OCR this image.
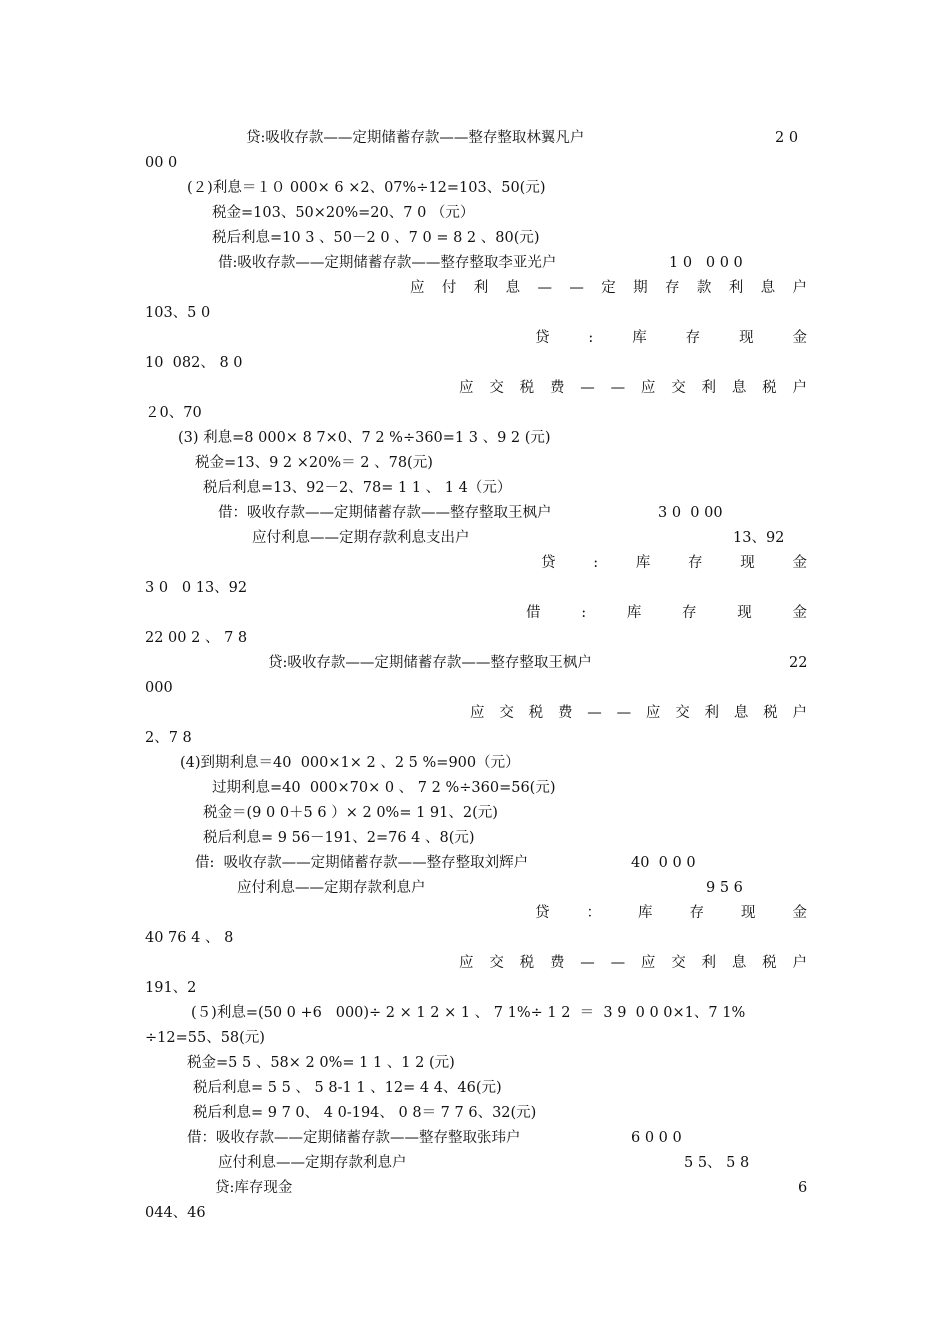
贷:吸收存款——定期储蓄存款——整存整取林翼凡户	2 0
00 0
(２)利息＝１０ 000× 6 ×2、07%÷12=103、50(元)
税金=103、50×20%=20、7 0 （元）
税后利息=10 3 、50－2 0 、7 0 = 8 2 、80(元)
借:吸收存款——定期储蓄存款——整存整取李亚光户	1 0   0 0 0
应 付 利 息 — — 定 期 存 款 利 息 户
103、5 0
贷	:	库	存	现	金
10  082、 8 0
应 交 税 费 — — 应 交 利 息 税 户
２0、70
(3) 利息=8 000× 8 7×0、7 2 %÷360=1 3 、9 2 (元)
税金=13、9 2 ×20%＝ 2 、78(元)
税后利息=13、92－2、78= 1 1 、 1 4（元）
借：吸收存款——定期储蓄存款——整存整取王枫户	3 0  0 00
应付利息——定期存款利息支出户	13、92
贷	:	库	存	现	金
3 0   0 13、92
借	:	库	存	现	金
22 00 2 、 7 8
贷:吸收存款——定期储蓄存款——整存整取王枫户	22
000
应 交 税 费 — — 应 交 利 息 税 户
2、7 8
(4)到期利息＝40  000×1× 2 、2 5 %=900（元）
过期利息=40  000×70× 0 、 7 2 %÷360=56(元)
税金＝(9 0 0＋5 6 ）× 2 0%= 1 91、2(元)
税后利息= 9 56－191、2=76 4 、8(元)
借:  吸收存款——定期储蓄存款——整存整取刘辉户	40  0 0 0
应付利息——定期存款利息户	9 5 6
贷	：	库	存	现	金
40 76 4 、 8
应 交 税 费 — — 应 交 利 息 税 户
191、2
(５)利息=(50 0 +6   000)÷ 2 × 1 2 × 1 、 7 1%÷ 1 2  ＝  3 9  0 0 0×1、7 1%
÷12=55、58(元)
税金=5 5 、58× 2 0%= 1 1 、1 2 (元)
税后利息= 5 5 、 5 8-1 1 、12= 4 4、46(元)
税后利息= 9 7 0、 4 0-194、 0 8＝ 7 7 6、32(元)
借：吸收存款——定期储蓄存款——整存整取张玮户	6 0 0 0
应付利息——定期存款利息户	5 5、 5 8
贷:库存现金	6
044、46
